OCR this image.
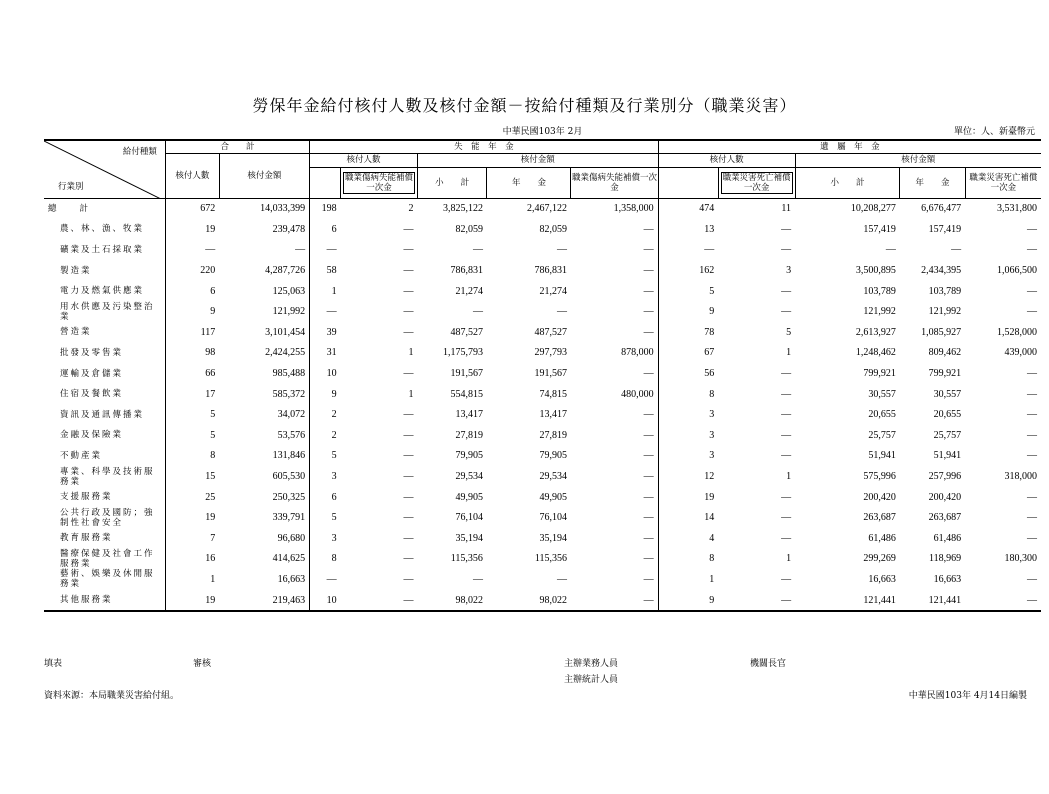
勞保年金給付核付人數及核付金額－按給付種類及行業別分（職業災害）
中華民國103年 2月	單位：人、新臺幣元
給付種類
行業別	合　　計		失　能　年　金					遺　屬　年　金				
	核付人數	核付金額	核付人數		核付金額			核付人數		核付金額		

				職業傷病失能補償一次金	小　　計	年　　金	職業傷病失能補償一次金		職業災害死亡補償一次金	小　　計	年　　金	職業災害死亡補償一次金
總　　計	672	14,033,399	198	2	3,825,122	2,467,122	1,358,000	474	11	10,208,277	6,676,477	3,531,800
農、林、漁、牧業	19	239,478	6	—	82,059	82,059	—	13	—	157,419	157,419	—
礦業及土石採取業	—	—	—	—	—	—	—	—	—	—	—	—
製造業	220	4,287,726	58	—	786,831	786,831	—	162	3	3,500,895	2,434,395	1,066,500
電力及燃氣供應業	6	125,063	1	—	21,274	21,274	—	5	—	103,789	103,789	—
用水供應及污染整治業	9	121,992	—	—	—	—	—	9	—	121,992	121,992	—
營造業	117	3,101,454	39	—	487,527	487,527	—	78	5	2,613,927	1,085,927	1,528,000
批發及零售業	98	2,424,255	31	1	1,175,793	297,793	878,000	67	1	1,248,462	809,462	439,000
運輸及倉儲業	66	985,488	10	—	191,567	191,567	—	56	—	799,921	799,921	—
住宿及餐飲業	17	585,372	9	1	554,815	74,815	480,000	8	—	30,557	30,557	—
資訊及通訊傳播業	5	34,072	2	—	13,417	13,417	—	3	—	20,655	20,655	—
金融及保險業	5	53,576	2	—	27,819	27,819	—	3	—	25,757	25,757	—
不動產業	8	131,846	5	—	79,905	79,905	—	3	—	51,941	51,941	—
專業、科學及技術服務業	15	605,530	3	—	29,534	29,534	—	12	1	575,996	257,996	318,000
支援服務業	25	250,325	6	—	49,905	49,905	—	19	—	200,420	200,420	—
公共行政及國防；強制性社會安全	19	339,791	5	—	76,104	76,104	—	14	—	263,687	263,687	—
教育服務業	7	96,680	3	—	35,194	35,194	—	4	—	61,486	61,486	—
醫療保健及社會工作服務業	16	414,625	8	—	115,356	115,356	—	8	1	299,269	118,969	180,300
藝術、娛樂及休閒服務業	1	16,663	—	—	—	—	—	1	—	16,663	16,663	—
其他服務業	19	219,463	10	—	98,022	98,022	—	9	—	121,441	121,441	—
填表	審核	主辦業務人員
主辦統計人員
機關長官
資料來源：本局職業災害給付組。	中華民國103年 4月14日編製
